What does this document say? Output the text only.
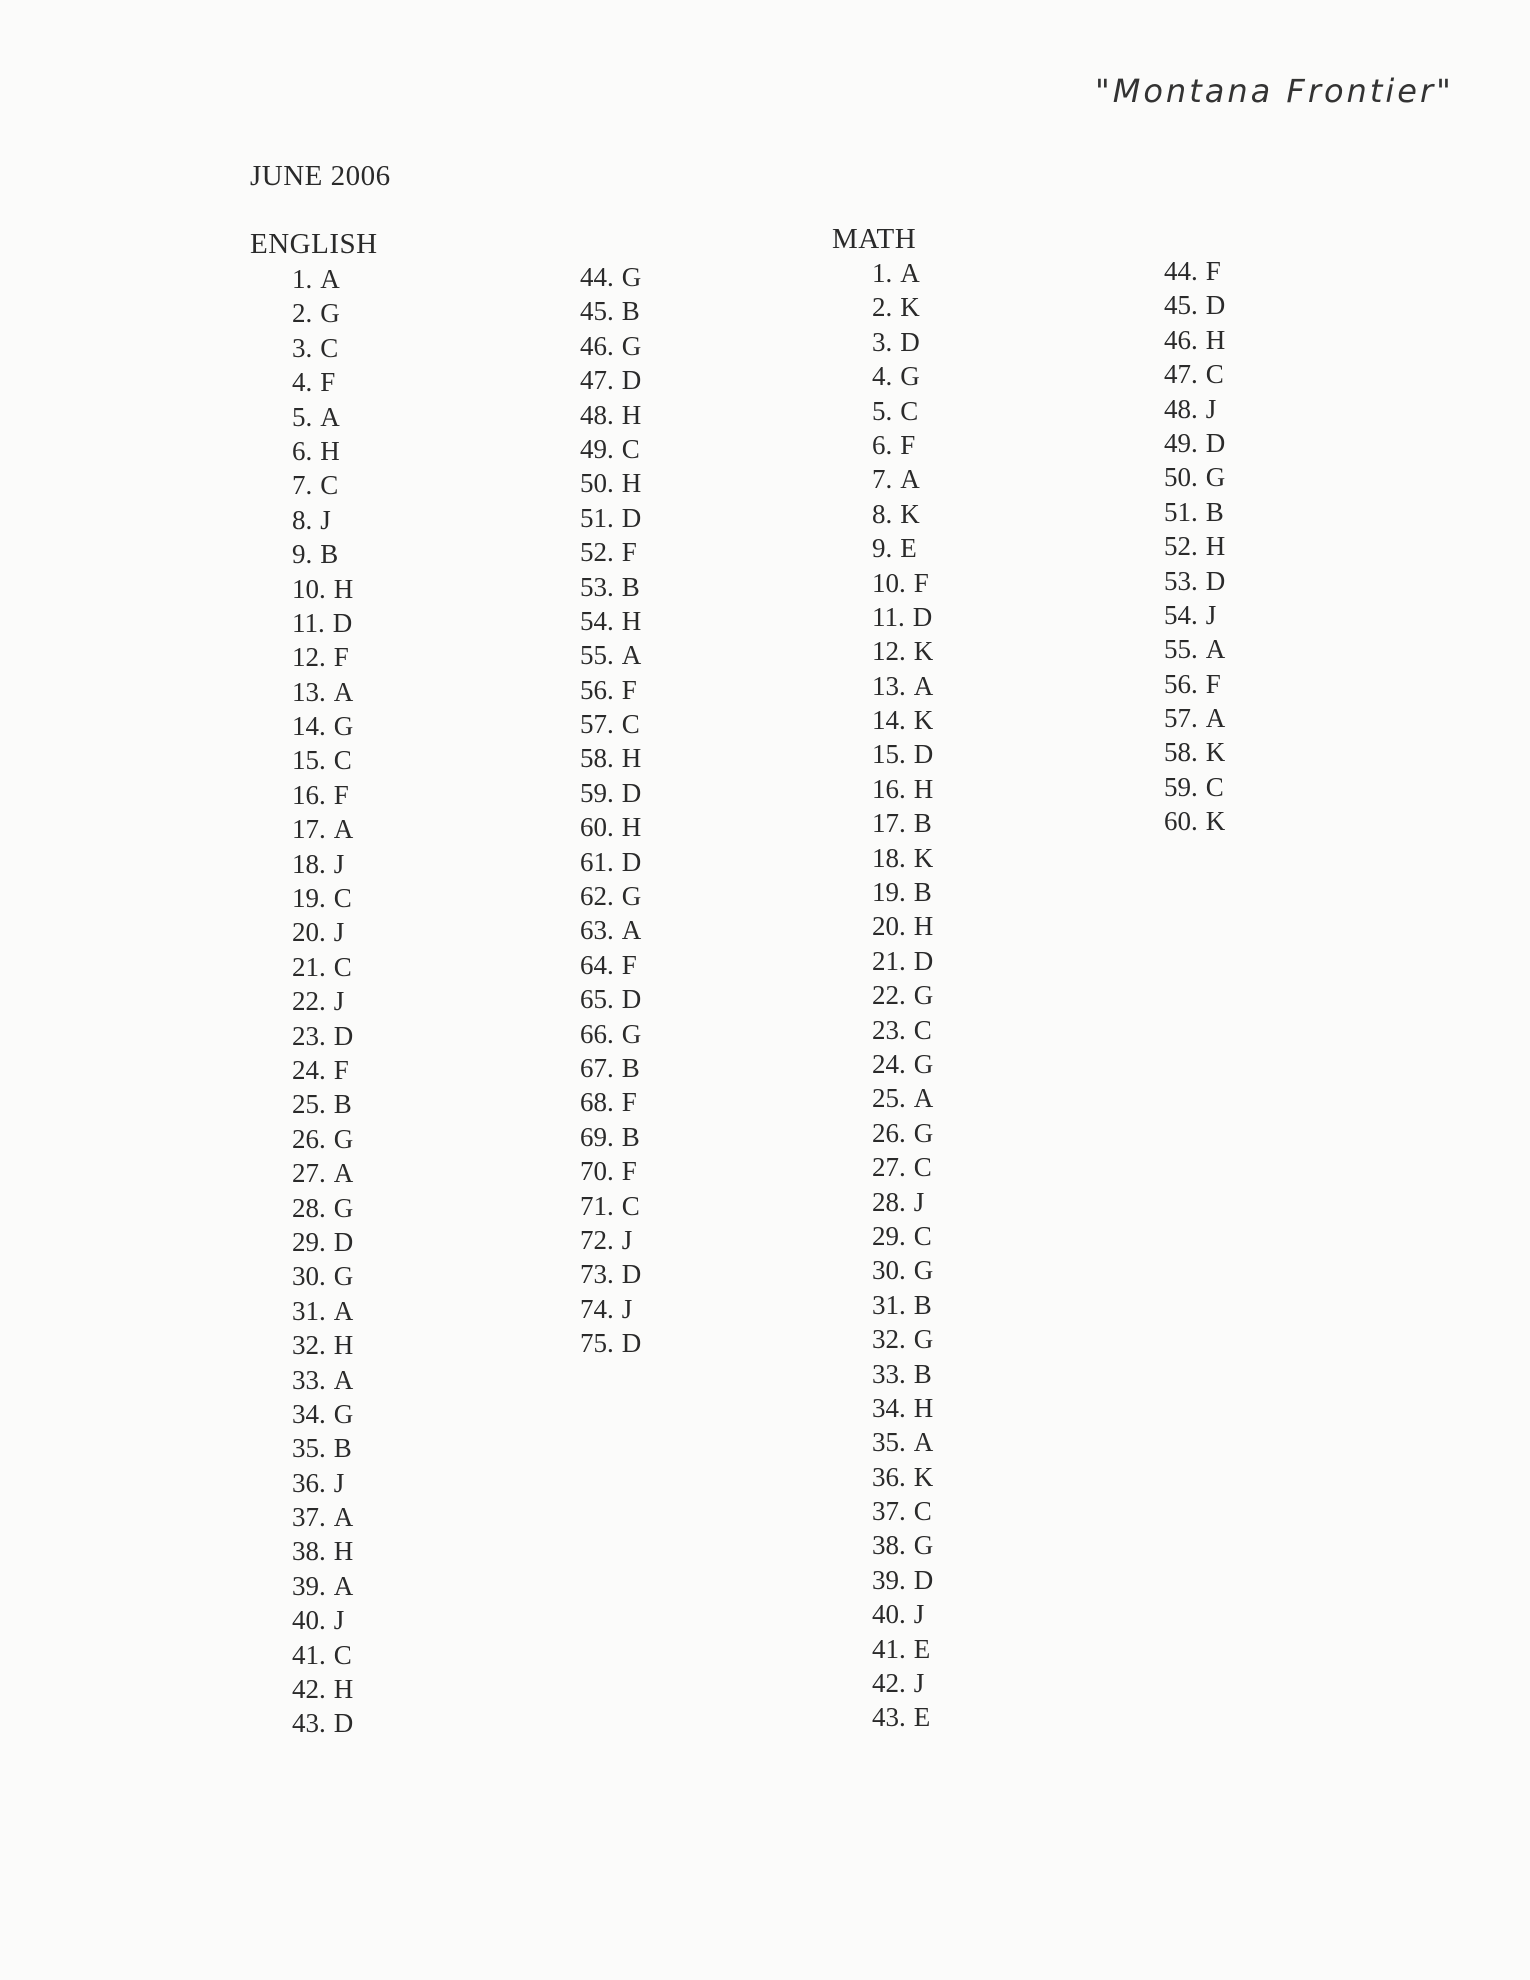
"Montana Frontier"
JUNE 2006
ENGLISH
1. A
2. G
3. C
4. F
5. A
6. H
7. C
8. J
9. B
10. H
11. D
12. F
13. A
14. G
15. C
16. F
17. A
18. J
19. C
20. J
21. C
22. J
23. D
24. F
25. B
26. G
27. A
28. G
29. D
30. G
31. A
32. H
33. A
34. G
35. B
36. J
37. A
38. H
39. A
40. J
41. C
42. H
43. D
44. G
45. B
46. G
47. D
48. H
49. C
50. H
51. D
52. F
53. B
54. H
55. A
56. F
57. C
58. H
59. D
60. H
61. D
62. G
63. A
64. F
65. D
66. G
67. B
68. F
69. B
70. F
71. C
72. J
73. D
74. J
75. D
MATH
1. A
2. K
3. D
4. G
5. C
6. F
7. A
8. K
9. E
10. F
11. D
12. K
13. A
14. K
15. D
16. H
17. B
18. K
19. B
20. H
21. D
22. G
23. C
24. G
25. A
26. G
27. C
28. J
29. C
30. G
31. B
32. G
33. B
34. H
35. A
36. K
37. C
38. G
39. D
40. J
41. E
42. J
43. E
44. F
45. D
46. H
47. C
48. J
49. D
50. G
51. B
52. H
53. D
54. J
55. A
56. F
57. A
58. K
59. C
60. K
